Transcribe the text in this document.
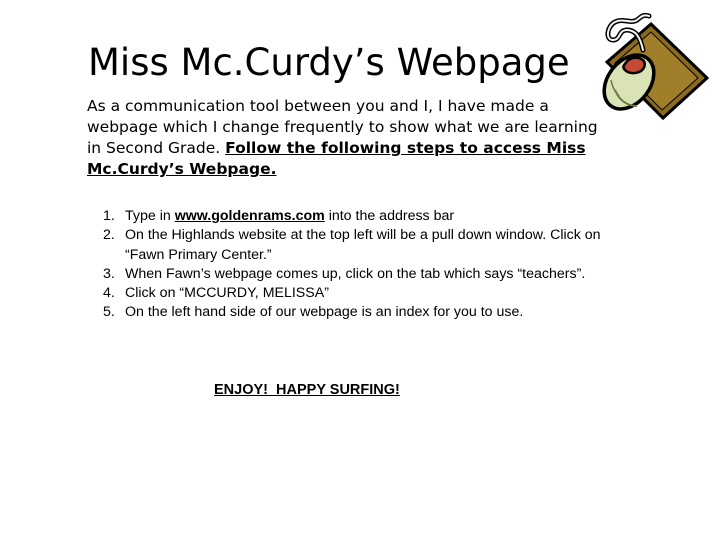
Miss Mc.Curdy’s Webpage

As a communication tool between you and I, I have made a webpage which I change frequently to show what we are learning in Second Grade. Follow the following steps to access Miss Mc.Curdy’s Webpage.

1. Type in www.goldenrams.com into the address bar
2. On the Highlands website at the top left will be a pull down window. Click on “Fawn Primary Center.”
3. When Fawn’s webpage comes up, click on the tab which says “teachers”.
4. Click on “MCCURDY, MELISSA”
5. On the left hand side of our webpage is an index for you to use.

ENJOY!  HAPPY SURFING!
